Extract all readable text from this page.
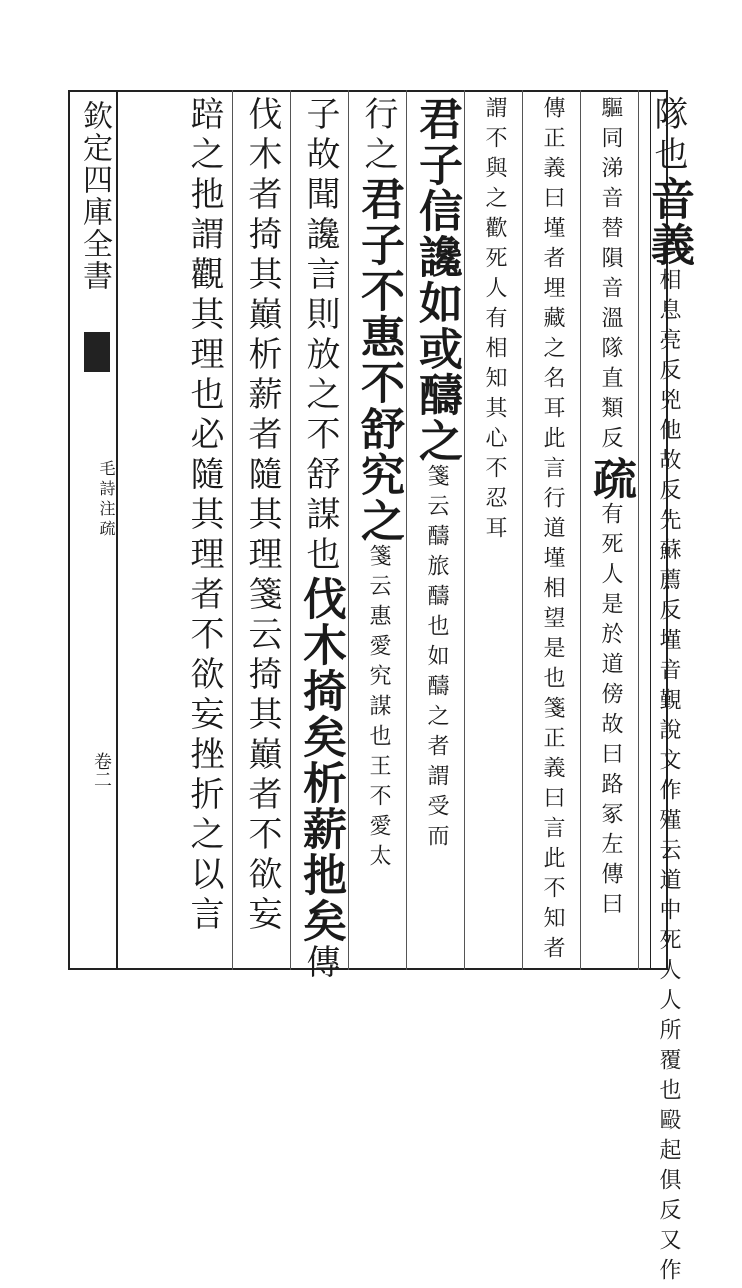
欽定四庫全書
毛詩注疏
卷二
隊也音義相息亮反兇他故反先蘇薦反墐音覲說文作殣云道中死人人所覆也毆起俱反又作
驅同涕音替隕音溫隊直類反疏有死人是於道傍故曰路冢左傳曰
傳正義曰墐者埋藏之名耳此言行道墐相望是也箋正義曰言此不知者
謂不與之歡死人有相知其心不忍耳
君子信讒如或醻之箋云醻旅醻也如醻之者謂受而
行之君子不惠不舒究之箋云惠愛究謀也王不愛太
子故聞讒言則放之不舒謀也伐木掎矣析薪扡矣傳
伐木者掎其巔析薪者隨其理箋云掎其巔者不欲妄
踣之扡謂觀其理也必隨其理者不欲妄挫折之以言
